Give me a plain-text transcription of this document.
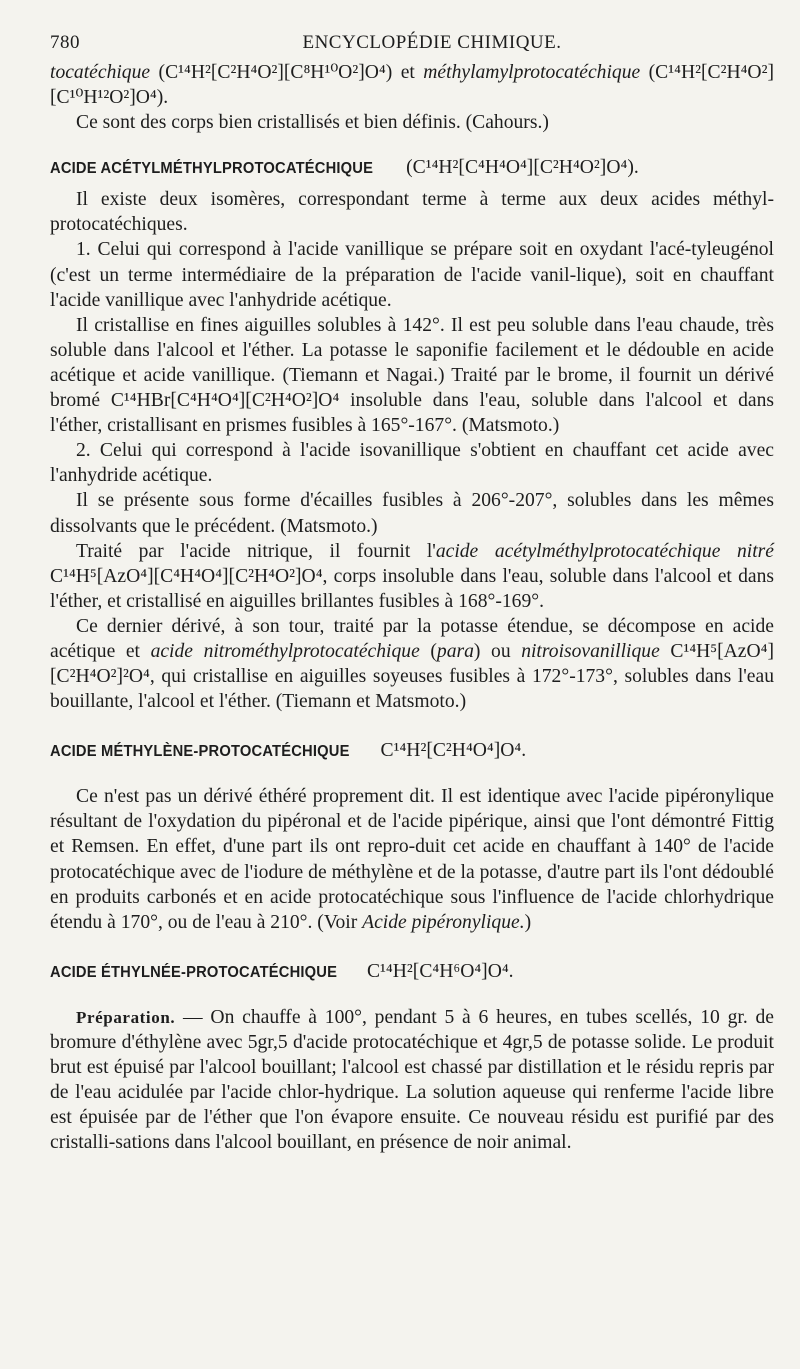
780	ENCYCLOPÉDIE CHIMIQUE.

tocatéchique (C¹⁴H²[C²H⁴O²][C⁸H¹⁰O²]O⁴) et méthylamylprotocatéchique (C¹⁴H²[C²H⁴O²][C¹⁰H¹²O²]O⁴).

Ce sont des corps bien cristallisés et bien définis. (Cahours.)

ACIDE ACÉTYLMÉTHYLPROTOCATÉCHIQUE (C¹⁴H²[C⁴H⁴O⁴][C²H⁴O²]O⁴).

Il existe deux isomères, correspondant terme à terme aux deux acides méthyl-protocatéchiques.

1. Celui qui correspond à l'acide vanillique se prépare soit en oxydant l'acé-tyleugénol (c'est un terme intermédiaire de la préparation de l'acide vanil-lique), soit en chauffant l'acide vanillique avec l'anhydride acétique.

Il cristallise en fines aiguilles solubles à 142°. Il est peu soluble dans l'eau chaude, très soluble dans l'alcool et l'éther. La potasse le saponifie facilement et le dédouble en acide acétique et acide vanillique. (Tiemann et Nagai.) Traité par le brome, il fournit un dérivé bromé C¹⁴HBr[C⁴H⁴O⁴][C²H⁴O²]O⁴ insoluble dans l'eau, soluble dans l'alcool et dans l'éther, cristallisant en prismes fusibles à 165°-167°. (Matsmoto.)

2. Celui qui correspond à l'acide isovanillique s'obtient en chauffant cet acide avec l'anhydride acétique.

Il se présente sous forme d'écailles fusibles à 206°-207°, solubles dans les mêmes dissolvants que le précédent. (Matsmoto.)

Traité par l'acide nitrique, il fournit l'acide acétylméthylprotocatéchique nitré C¹⁴H⁵[AzO⁴][C⁴H⁴O⁴][C²H⁴O²]O⁴, corps insoluble dans l'eau, soluble dans l'alcool et dans l'éther, et cristallisé en aiguilles brillantes fusibles à 168°-169°.

Ce dernier dérivé, à son tour, traité par la potasse étendue, se décompose en acide acétique et acide nitrométhylprotocatéchique (para) ou nitroisovanillique C¹⁴H⁵[AzO⁴][C²H⁴O²]²O⁴, qui cristallise en aiguilles soyeuses fusibles à 172°-173°, solubles dans l'eau bouillante, l'alcool et l'éther. (Tiemann et Matsmoto.)

ACIDE MÉTHYLÈNE-PROTOCATÉCHIQUE C¹⁴H²[C²H⁴O⁴]O⁴.

Ce n'est pas un dérivé éthéré proprement dit. Il est identique avec l'acide pipéronylique résultant de l'oxydation du pipéronal et de l'acide pipérique, ainsi que l'ont démontré Fittig et Remsen. En effet, d'une part ils ont repro-duit cet acide en chauffant à 140° de l'acide protocatéchique avec de l'iodure de méthylène et de la potasse, d'autre part ils l'ont dédoublé en produits carbonés et en acide protocatéchique sous l'influence de l'acide chlorhydrique étendu à 170°, ou de l'eau à 210°. (Voir Acide pipéronylique.)

ACIDE ÉTHYLNÉE-PROTOCATÉCHIQUE C¹⁴H²[C⁴H⁶O⁴]O⁴.

Préparation. — On chauffe à 100°, pendant 5 à 6 heures, en tubes scellés, 10 gr. de bromure d'éthylène avec 5gr,5 d'acide protocatéchique et 4gr,5 de potasse solide. Le produit brut est épuisé par l'alcool bouillant; l'alcool est chassé par distillation et le résidu repris par de l'eau acidulée par l'acide chlor-hydrique. La solution aqueuse qui renferme l'acide libre est épuisée par de l'éther que l'on évapore ensuite. Ce nouveau résidu est purifié par des cristalli-sations dans l'alcool bouillant, en présence de noir animal.
